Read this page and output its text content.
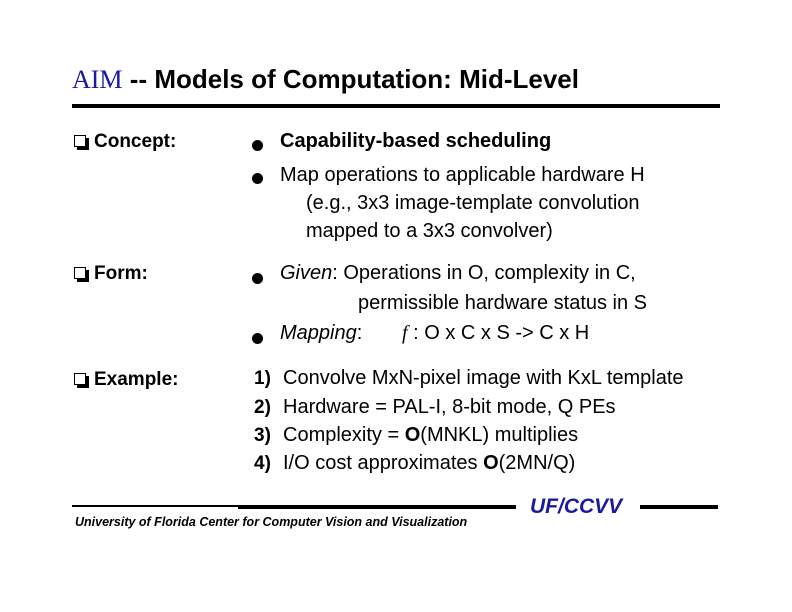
AIM -- Models of Computation: Mid-Level
Concept:	Capability-based scheduling
Map operations to applicable hardware H
(e.g., 3x3 image-template convolution
mapped to a 3x3 convolver)
Form:	Given: Operations in O, complexity in C,
permissible hardware status in S
Mapping: f : O x C x S -> C x H
Example:	1) Convolve MxN-pixel image with KxL template
2) Hardware = PAL-I, 8-bit mode, Q PEs
3) Complexity = O(MNKL) multiplies
4) I/O cost approximates O(2MN/Q)
University of Florida Center for Computer Vision and Visualization
UF/CCVV
